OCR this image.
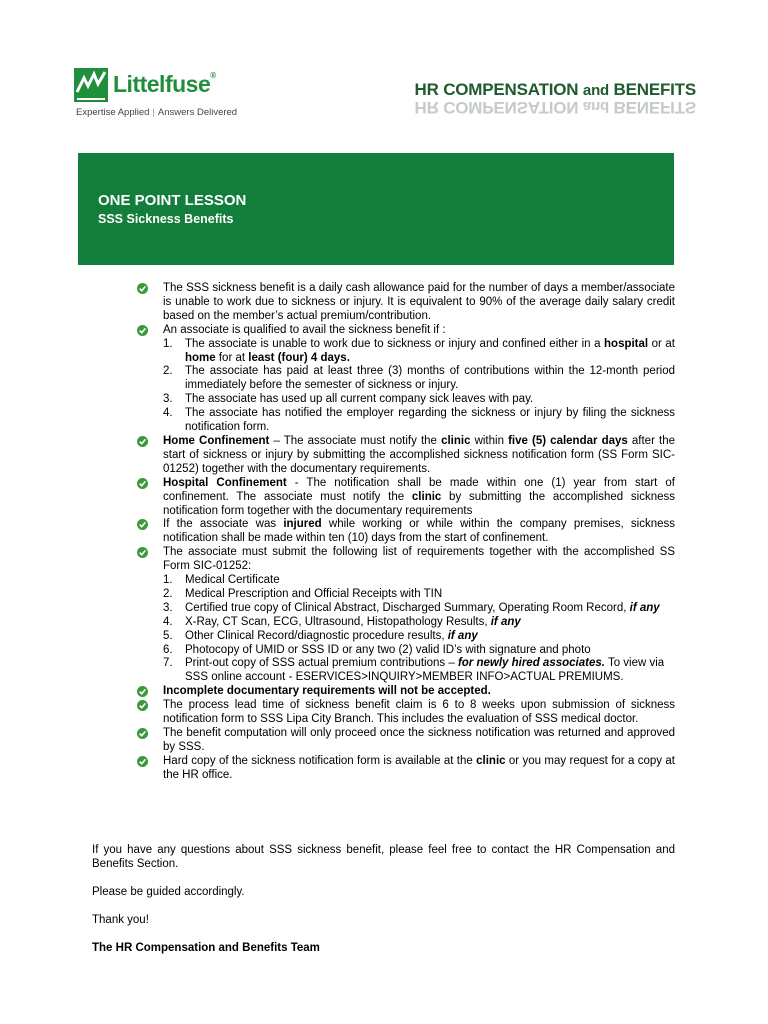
Littelfuse®
Expertise Applied | Answers Delivered
HR COMPENSATION and BENEFITS
HR COMPENSATION and BENEFITS
ONE POINT LESSON
SSS Sickness Benefits
The SSS sickness benefit is a daily cash allowance paid for the number of days a member/associate is unable to work due to sickness or injury. It is equivalent to 90% of the average daily salary credit based on the member’s actual premium/contribution.
An associate is qualified to avail the sickness benefit if :
1. The associate is unable to work due to sickness or injury and confined either in a hospital or at home for at least (four) 4 days.
2. The associate has paid at least three (3) months of contributions within the 12-month period immediately before the semester of sickness or injury.
3. The associate has used up all current company sick leaves with pay.
4. The associate has notified the employer regarding the sickness or injury by filing the sickness notification form.
Home Confinement – The associate must notify the clinic within five (5) calendar days after the start of sickness or injury by submitting the accomplished sickness notification form (SS Form SIC-01252) together with the documentary requirements.
Hospital Confinement - The notification shall be made within one (1) year from start of confinement. The associate must notify the clinic by submitting the accomplished sickness notification form together with the documentary requirements
If the associate was injured while working or while within the company premises, sickness notification shall be made within ten (10) days from the start of confinement.
The associate must submit the following list of requirements together with the accomplished SS Form SIC-01252:
1. Medical Certificate
2. Medical Prescription and Official Receipts with TIN
3. Certified true copy of Clinical Abstract, Discharged Summary, Operating Room Record, if any
4. X-Ray, CT Scan, ECG, Ultrasound, Histopathology Results, if any
5. Other Clinical Record/diagnostic procedure results, if any
6. Photocopy of UMID or SSS ID or any two (2) valid ID’s with signature and photo
7. Print-out copy of SSS actual premium contributions – for newly hired associates. To view via SSS online account - ESERVICES>INQUIRY>MEMBER INFO>ACTUAL PREMIUMS.
Incomplete documentary requirements will not be accepted.
The process lead time of sickness benefit claim is 6 to 8 weeks upon submission of sickness notification form to SSS Lipa City Branch. This includes the evaluation of SSS medical doctor.
The benefit computation will only proceed once the sickness notification was returned and approved by SSS.
Hard copy of the sickness notification form is available at the clinic or you may request for a copy at the HR office.

If you have any questions about SSS sickness benefit, please feel free to contact the HR Compensation and Benefits Section.

Please be guided accordingly.

Thank you!

The HR Compensation and Benefits Team
